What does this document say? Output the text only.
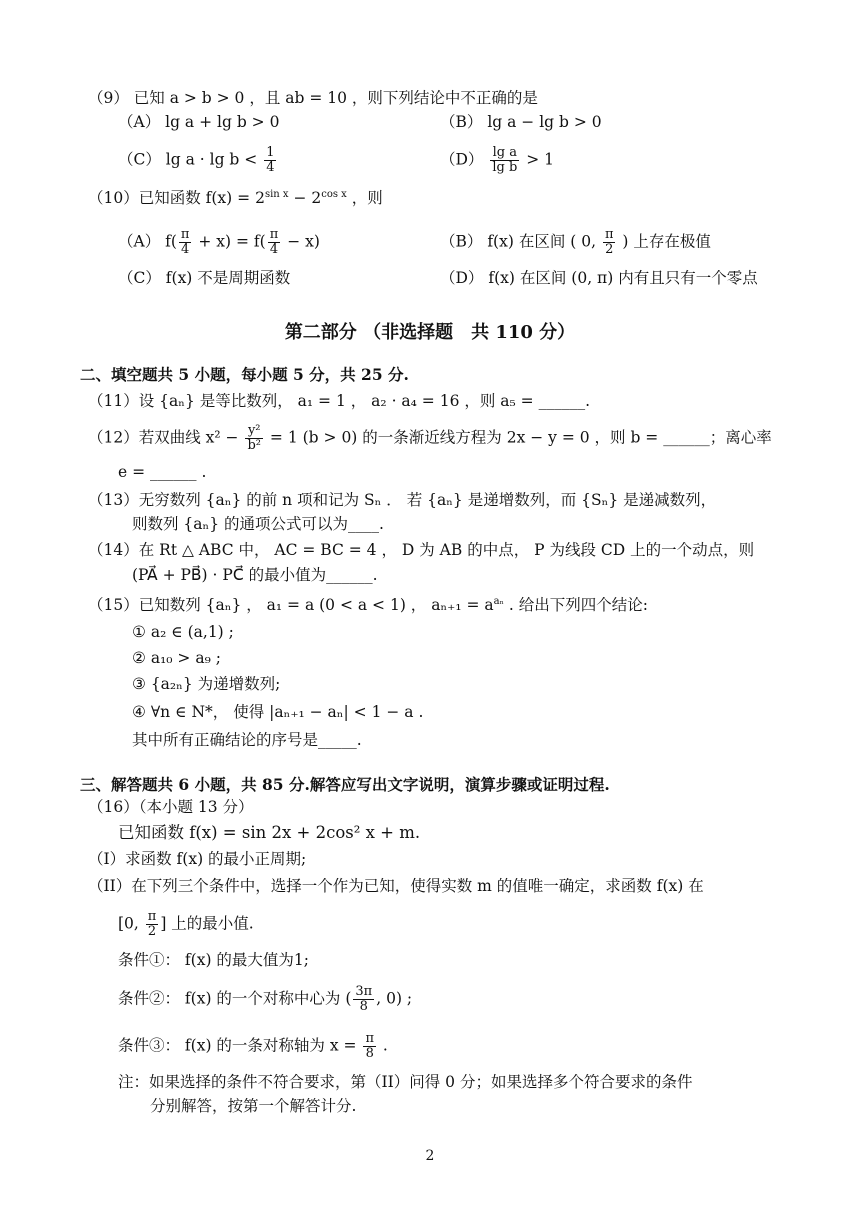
（9） 已知 a > b > 0 ，且 ab = 10 ，则下列结论中不正确的是
（A） lg a + lg b > 0	（B） lg a − lg b > 0
（C） $\lg a \cdot \lg b < \frac{1}{4}$	$(D) \frac{\text{lg a}}{\text{lg b}} > 1$
（10）已知函数 $f(x) = 2^{sin x} - 2^{cos x}$ ，则
（A） $f( \frac{\pi}{4} + x) = f( \frac{\pi}{4} - x)$	（B） f(x) 在区间 ( 0, $\frac{\pi}{2}$ ) 上存在极值
（C） f(x) 不是周期函数	（D） f(x) 在区间 (0, π) 内有且只有一个零点
第二部分 （非选择题　共 110 分）
二、填空题共 5 小题，每小题 5 分，共 25 分.
（11）设 {aₙ} 是等比数列， a₁ = 1 ， a₂ · a₄ = 16 ，则 a₅ = ______.
（12）若双曲线 $x^2 - \frac{\text{y²}}{\text{b²}} = 1$ (b > 0) 的一条渐近线方程为 2x − y = 0 ，则 b = ______；离心率
e = ______ .
（13）无穷数列 {aₙ} 的前 n 项和记为 Sₙ ． 若 {aₙ} 是递增数列，而 {Sₙ} 是递减数列，
则数列 {aₙ} 的通项公式可以为____.
（14）在 Rt △ ABC 中， AC = BC = 4 ， D 为 AB 的中点， P 为线段 CD 上的一个动点，则
(PA⃗ + PB⃗) · PC⃗ 的最小值为______.
（15）已知数列 {aₙ} ， a₁ = a (0 < a < 1) ， $a_{n+1} = a^{a_n}$ . 给出下列四个结论:
① a₂ ∈ (a,1) ;
② a₁₀ > a₉ ;
③ {a₂ₙ} 为递增数列;
④ ∀n ∈ N*， 使得 |aₙ₊₁ − aₙ| < 1 − a .
其中所有正确结论的序号是_____.
三、解答题共 6 小题，共 85 分.解答应写出文字说明，演算步骤或证明过程.
（16）（本小题 13 分）
已知函数 f(x) = sin 2x + 2cos² x + m.
（I）求函数 f(x) 的最小正周期;
（II）在下列三个条件中，选择一个作为已知，使得实数 m 的值唯一确定，求函数 f(x) 在
[0, $\frac{\pi}{2}$ ] 上的最小值.
条件①： f(x) 的最大值为1;
条件②： f(x) 的一个对称中心为 ( $\frac{3\pi}{8}$ , 0) ;
条件③： f(x) 的一条对称轴为 $x = \frac{\pi}{8}$ .
注：如果选择的条件不符合要求，第（II）问得 0 分；如果选择多个符合要求的条件
分别解答，按第一个解答计分.
2
